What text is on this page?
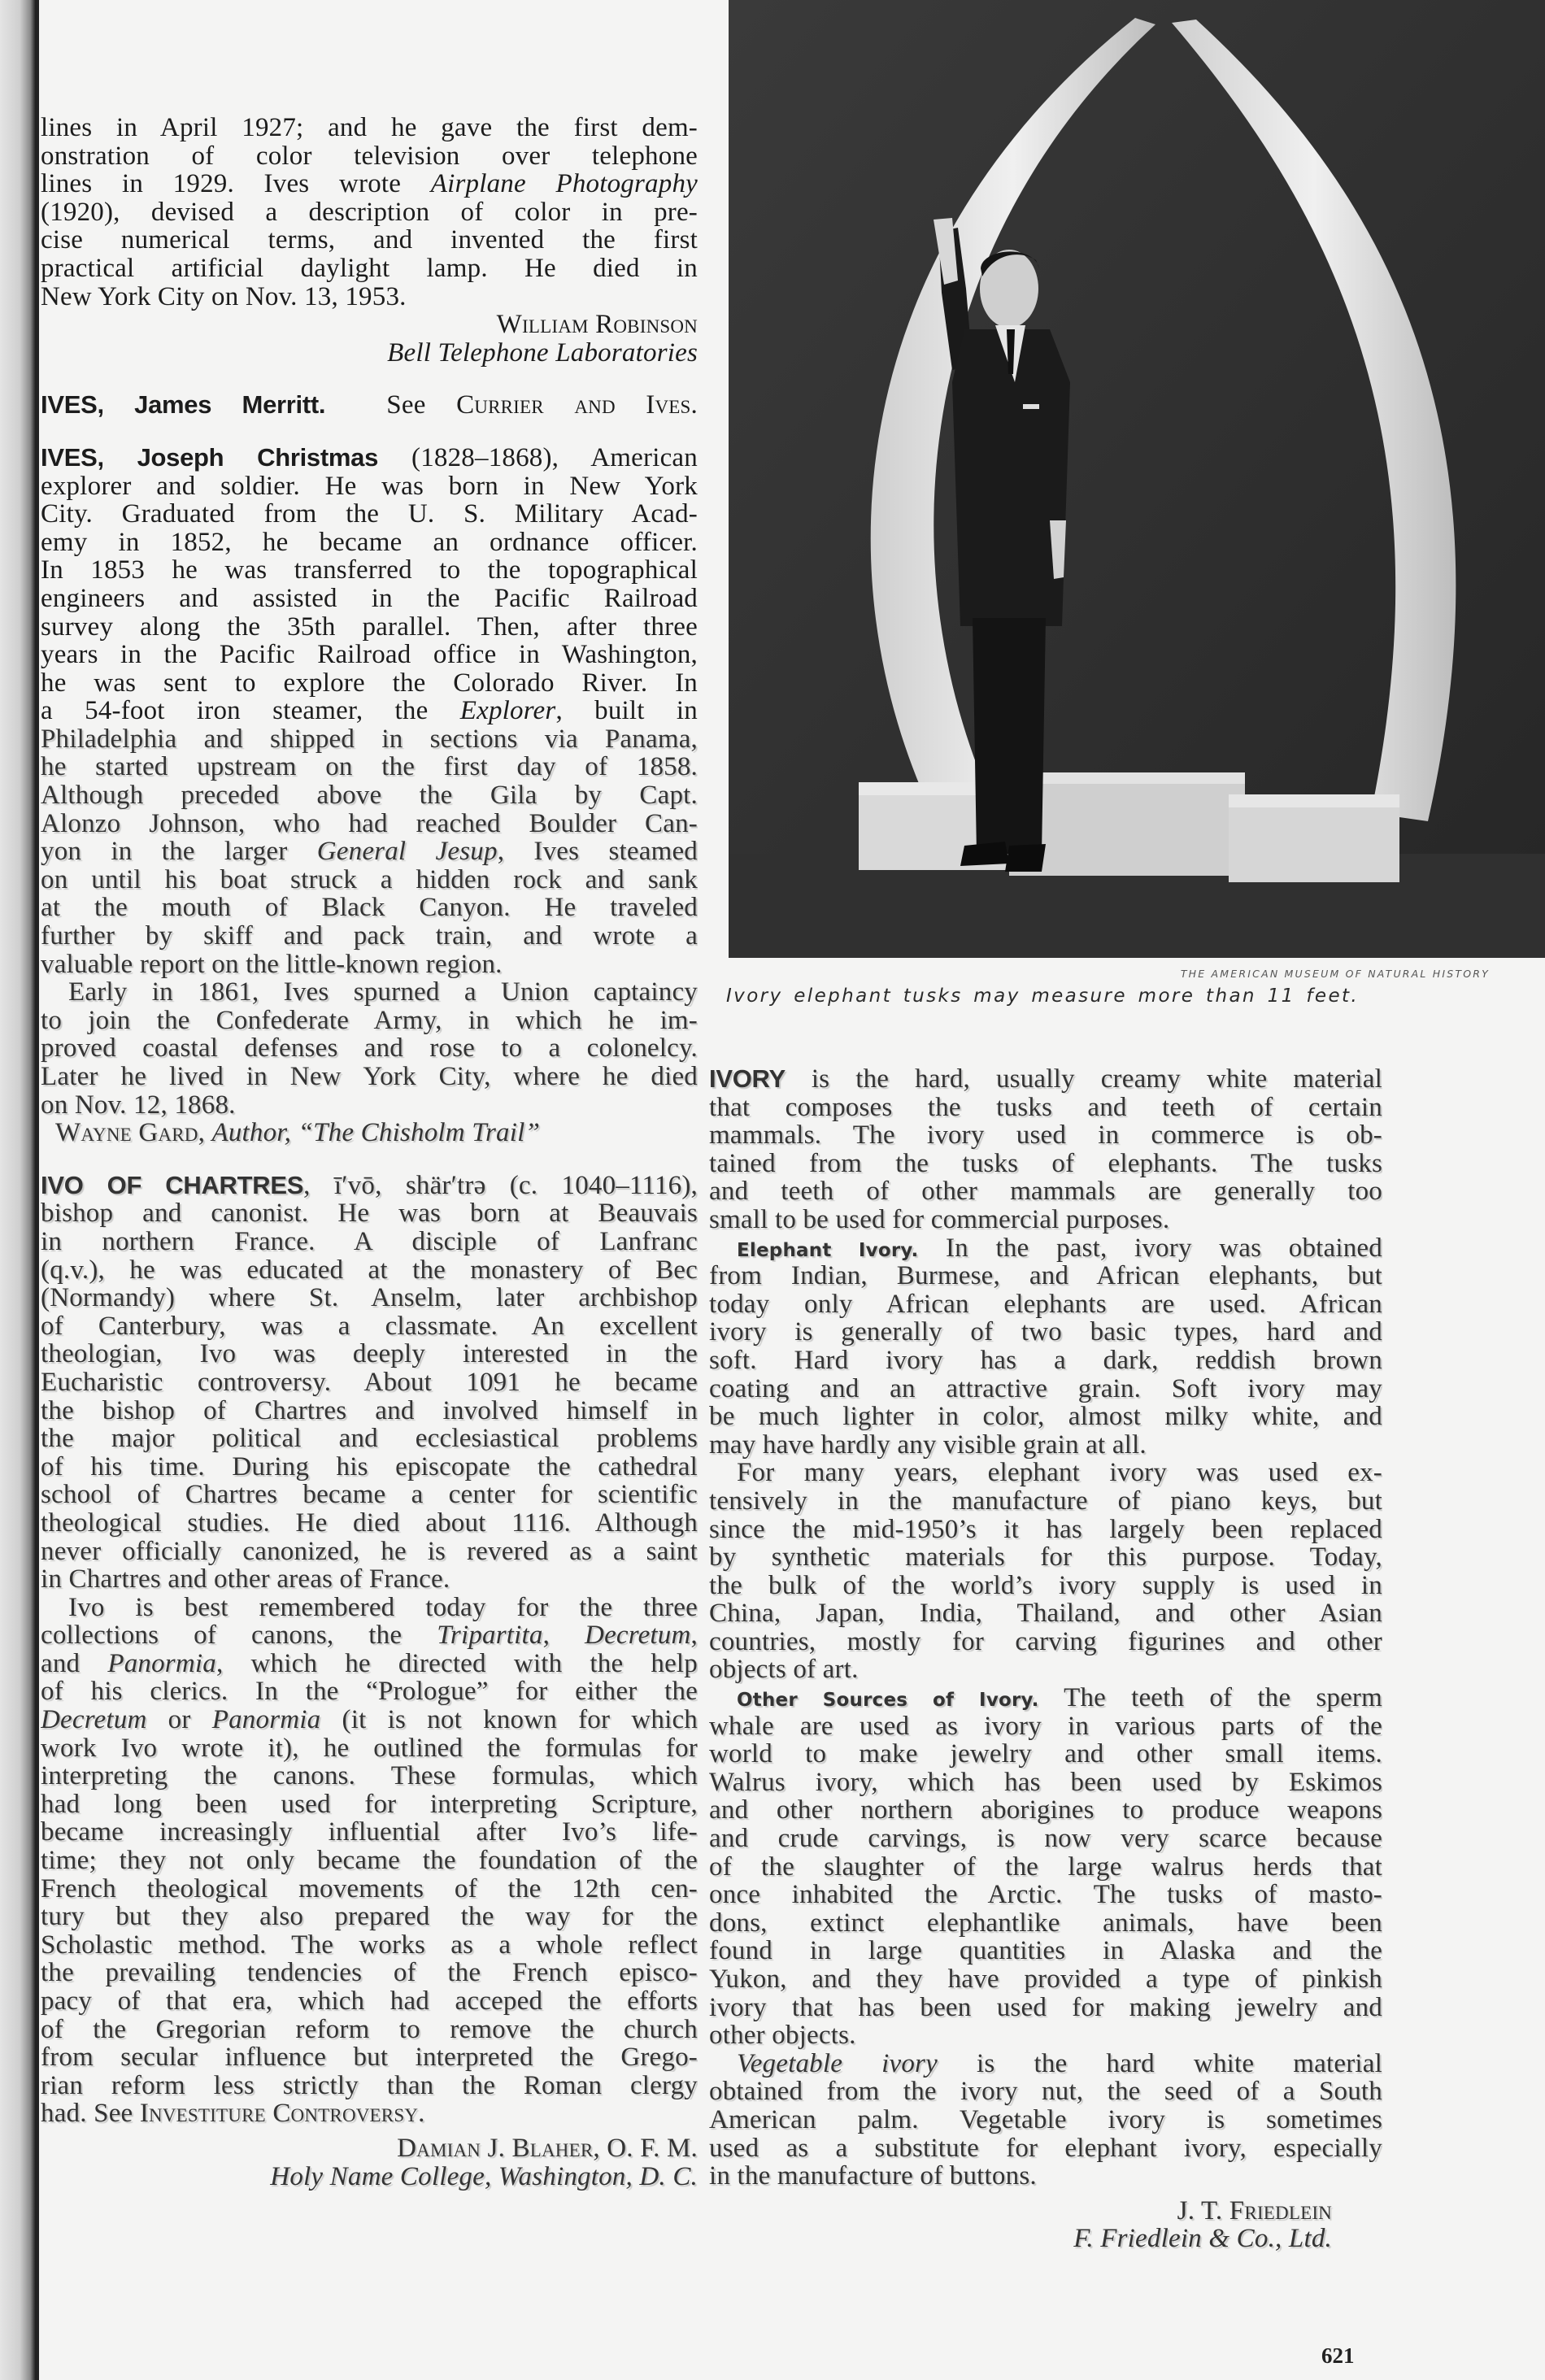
lines in April 1927; and he gave the first dem-
onstration of color television over telephone
lines in 1929. Ives wrote Airplane Photography
(1920), devised a description of color in pre-
cise numerical terms, and invented the first
practical artificial daylight lamp. He died in
New York City on Nov. 13, 1953.
William Robinson
Bell Telephone Laboratories
IVES, James Merritt. See Currier and Ives.
IVES, Joseph Christmas (1828–1868), American
explorer and soldier. He was born in New York
City. Graduated from the U. S. Military Acad-
emy in 1852, he became an ordnance officer.
In 1853 he was transferred to the topographical
engineers and assisted in the Pacific Railroad
survey along the 35th parallel. Then, after three
years in the Pacific Railroad office in Washington,
he was sent to explore the Colorado River. In
a 54-foot iron steamer, the Explorer, built in
Philadelphia and shipped in sections via Panama,
he started upstream on the first day of 1858.
Although preceded above the Gila by Capt.
Alonzo Johnson, who had reached Boulder Can-
yon in the larger General Jesup, Ives steamed
on until his boat struck a hidden rock and sank
at the mouth of Black Canyon. He traveled
further by skiff and pack train, and wrote a
valuable report on the little-known region.
Early in 1861, Ives spurned a Union captaincy
to join the Confederate Army, in which he im-
proved coastal defenses and rose to a colonelcy.
Later he lived in New York City, where he died
on Nov. 12, 1868.
Wayne Gard, Author, “The Chisholm Trail”
IVO OF CHARTRES, ī′vō, shär′trə (c. 1040–1116),
bishop and canonist. He was born at Beauvais
in northern France. A disciple of Lanfranc
(q.v.), he was educated at the monastery of Bec
(Normandy) where St. Anselm, later archbishop
of Canterbury, was a classmate. An excellent
theologian, Ivo was deeply interested in the
Eucharistic controversy. About 1091 he became
the bishop of Chartres and involved himself in
the major political and ecclesiastical problems
of his time. During his episcopate the cathedral
school of Chartres became a center for scientific
theological studies. He died about 1116. Although
never officially canonized, he is revered as a saint
in Chartres and other areas of France.
Ivo is best remembered today for the three
collections of canons, the Tripartita, Decretum,
and Panormia, which he directed with the help
of his clerics. In the “Prologue” for either the
Decretum or Panormia (it is not known for which
work Ivo wrote it), he outlined the formulas for
interpreting the canons. These formulas, which
had long been used for interpreting Scripture,
became increasingly influential after Ivo’s life-
time; they not only became the foundation of the
French theological movements of the 12th cen-
tury but they also prepared the way for the
Scholastic method. The works as a whole reflect
the prevailing tendencies of the French episco-
pacy of that era, which had acceped the efforts
of the Gregorian reform to remove the church
from secular influence but interpreted the Grego-
rian reform less strictly than the Roman clergy
had. See Investiture Controversy.
Damian J. Blaher, O. F. M.
Holy Name College, Washington, D. C.
THE AMERICAN MUSEUM OF NATURAL HISTORY
Ivory elephant tusks may measure more than 11 feet.
IVORY is the hard, usually creamy white material
that composes the tusks and teeth of certain
mammals. The ivory used in commerce is ob-
tained from the tusks of elephants. The tusks
and teeth of other mammals are generally too
small to be used for commercial purposes.
Elephant Ivory. In the past, ivory was obtained
from Indian, Burmese, and African elephants, but
today only African elephants are used. African
ivory is generally of two basic types, hard and
soft. Hard ivory has a dark, reddish brown
coating and an attractive grain. Soft ivory may
be much lighter in color, almost milky white, and
may have hardly any visible grain at all.
For many years, elephant ivory was used ex-
tensively in the manufacture of piano keys, but
since the mid-1950’s it has largely been replaced
by synthetic materials for this purpose. Today,
the bulk of the world’s ivory supply is used in
China, Japan, India, Thailand, and other Asian
countries, mostly for carving figurines and other
objects of art.
Other Sources of Ivory. The teeth of the sperm
whale are used as ivory in various parts of the
world to make jewelry and other small items.
Walrus ivory, which has been used by Eskimos
and other northern aborigines to produce weapons
and crude carvings, is now very scarce because
of the slaughter of the large walrus herds that
once inhabited the Arctic. The tusks of masto-
dons, extinct elephantlike animals, have been
found in large quantities in Alaska and the
Yukon, and they have provided a type of pinkish
ivory that has been used for making jewelry and
other objects.
Vegetable ivory is the hard white material
obtained from the ivory nut, the seed of a South
American palm. Vegetable ivory is sometimes
used as a substitute for elephant ivory, especially
in the manufacture of buttons.
J. T. Friedlein
F. Friedlein & Co., Ltd.
621
